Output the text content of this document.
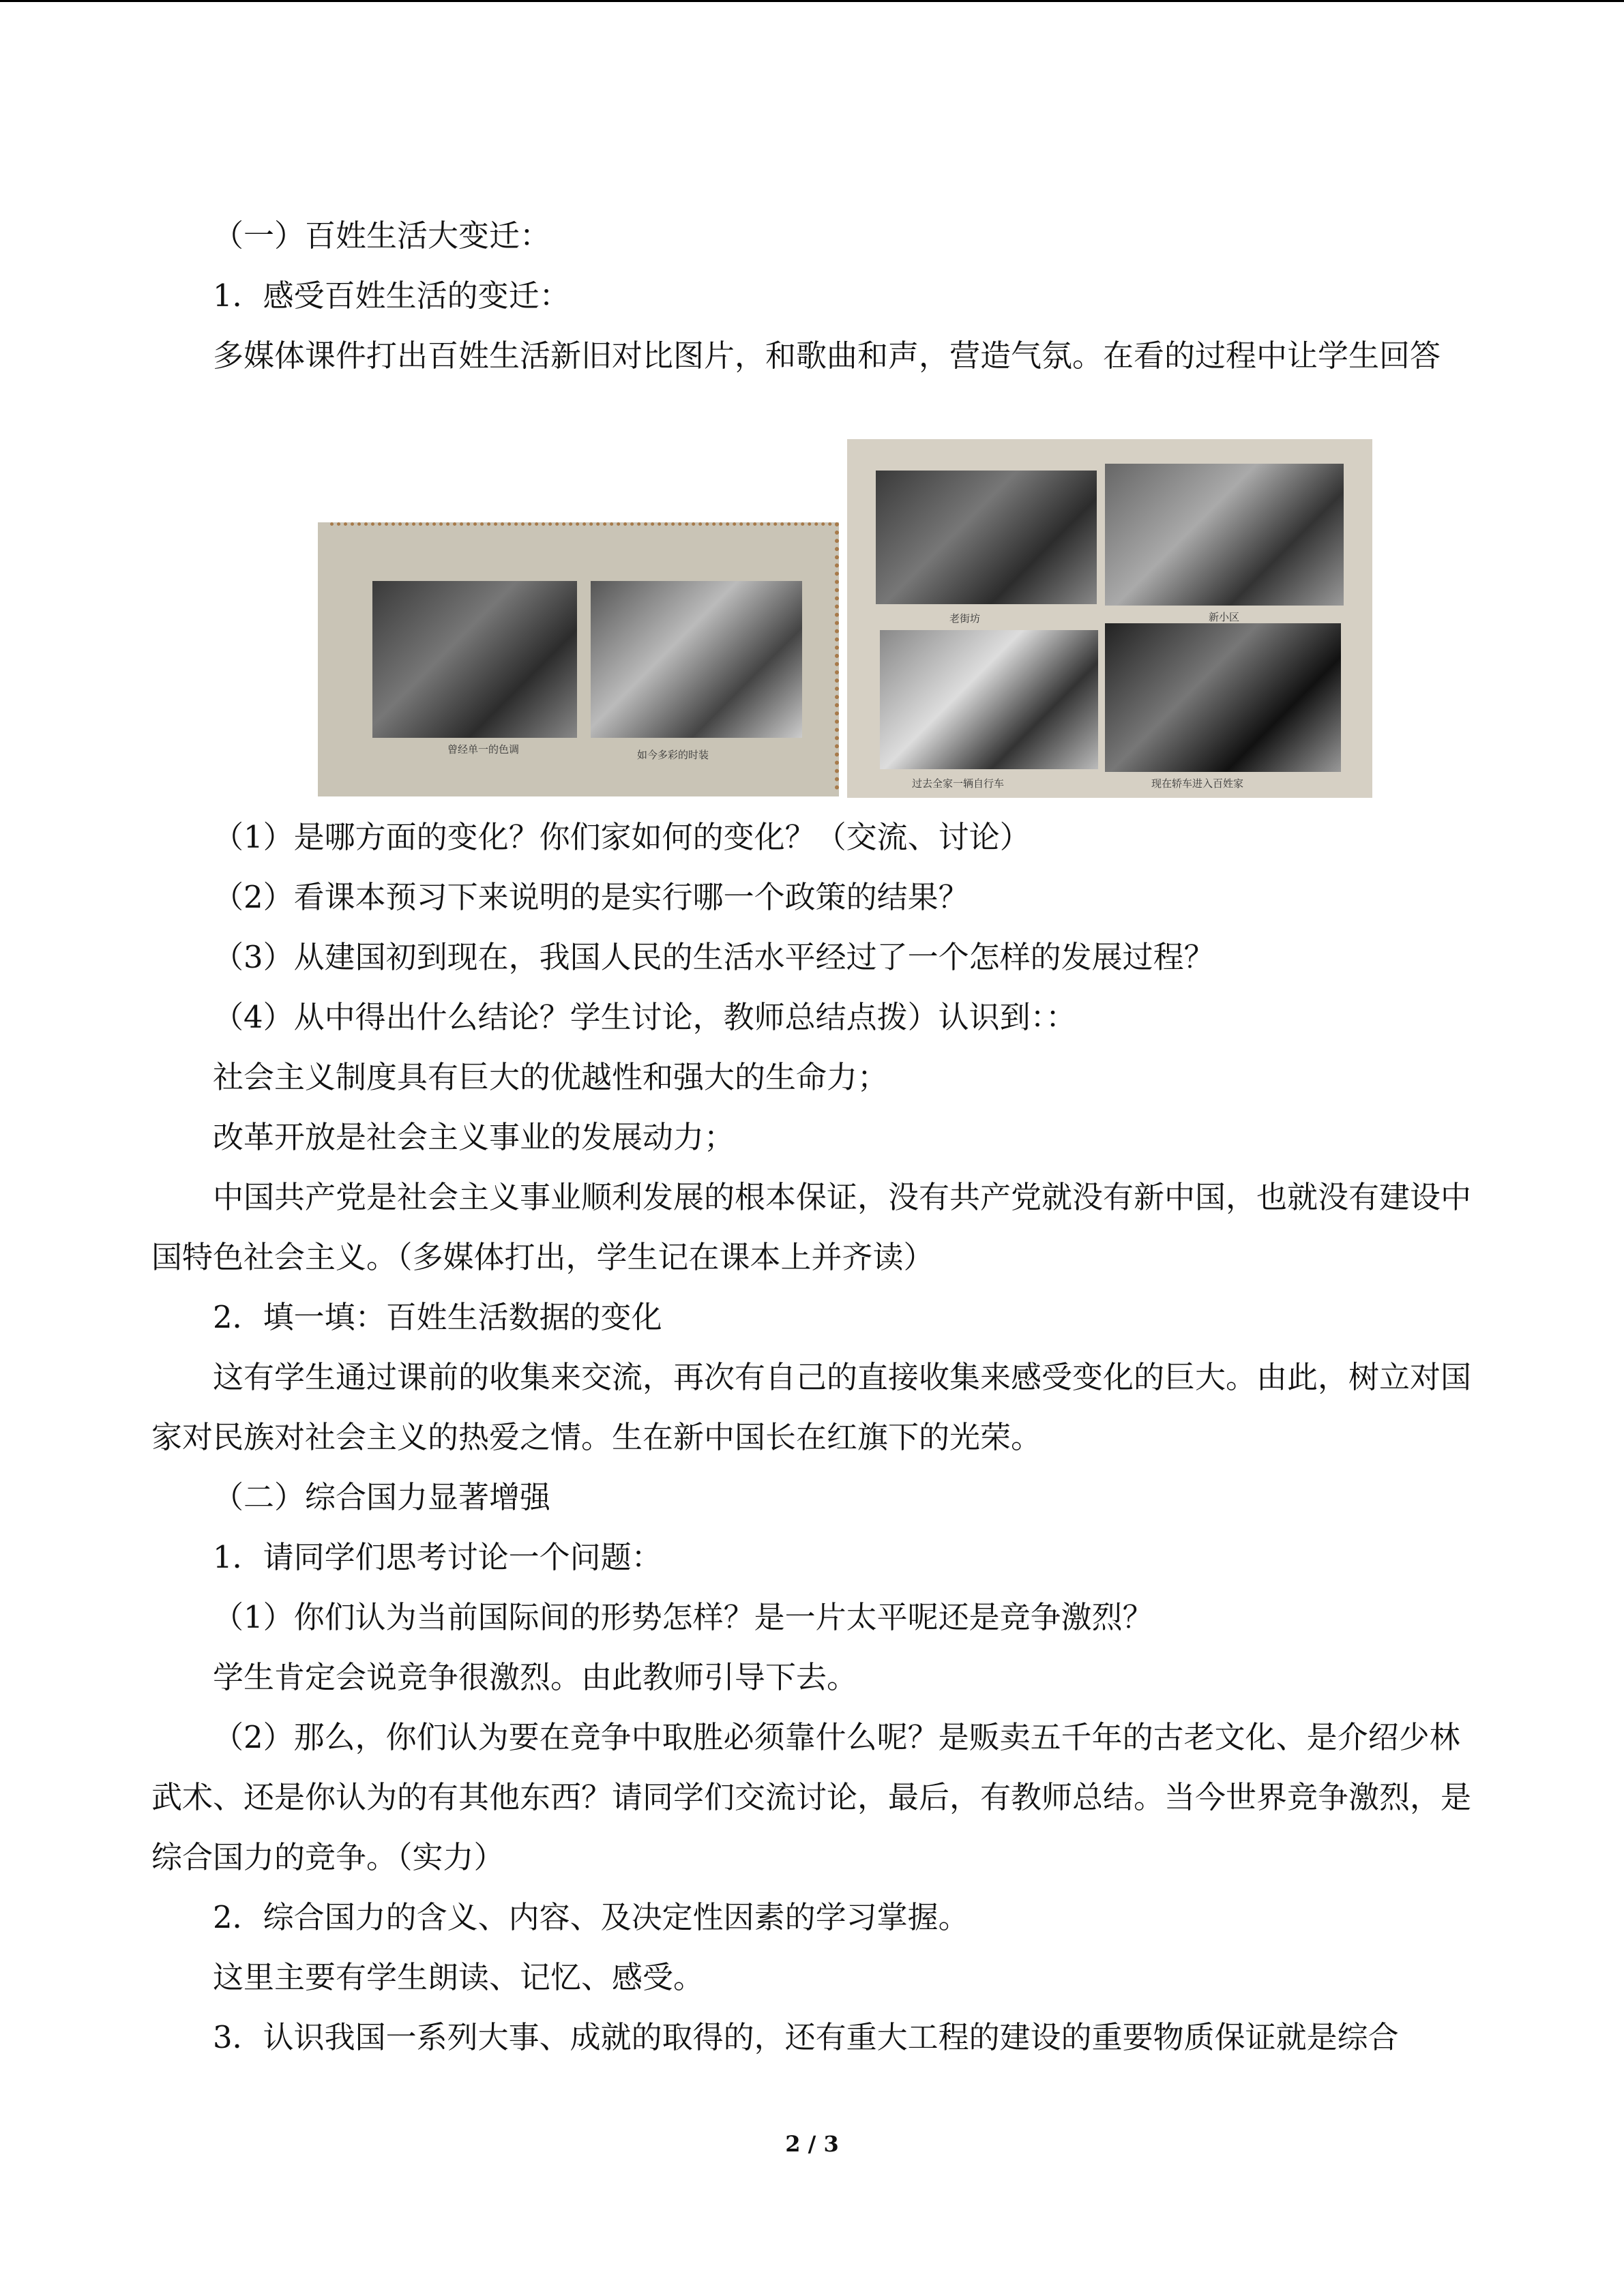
（一）百姓生活大变迁：

1．感受百姓生活的变迁：

多媒体课件打出百姓生活新旧对比图片，和歌曲和声，营造气氛。在看的过程中让学生回答

曾经单一的色调	如今多彩的时装
老街坊	新小区
过去全家一辆自行车	现在轿车进入百姓家

（1）是哪方面的变化？你们家如何的变化？（交流、讨论）

（2）看课本预习下来说明的是实行哪一个政策的结果？

（3）从建国初到现在，我国人民的生活水平经过了一个怎样的发展过程？

（4）从中得出什么结论？学生讨论，教师总结点拨）认识到：：

社会主义制度具有巨大的优越性和强大的生命力；

改革开放是社会主义事业的发展动力；

中国共产党是社会主义事业顺利发展的根本保证，没有共产党就没有新中国，也就没有建设中国特色社会主义。（多媒体打出，学生记在课本上并齐读）

2．填一填：百姓生活数据的变化

这有学生通过课前的收集来交流，再次有自己的直接收集来感受变化的巨大。由此，树立对国家对民族对社会主义的热爱之情。生在新中国长在红旗下的光荣。

（二）综合国力显著增强

1．请同学们思考讨论一个问题：

（1）你们认为当前国际间的形势怎样？是一片太平呢还是竞争激烈？

学生肯定会说竞争很激烈。由此教师引导下去。

（2）那么，你们认为要在竞争中取胜必须靠什么呢？是贩卖五千年的古老文化、是介绍少林武术、还是你认为的有其他东西？请同学们交流讨论，最后，有教师总结。当今世界竞争激烈，是综合国力的竞争。（实力）

2．综合国力的含义、内容、及决定性因素的学习掌握。

这里主要有学生朗读、记忆、感受。

3．认识我国一系列大事、成就的取得的，还有重大工程的建设的重要物质保证就是综合

2 / 3
